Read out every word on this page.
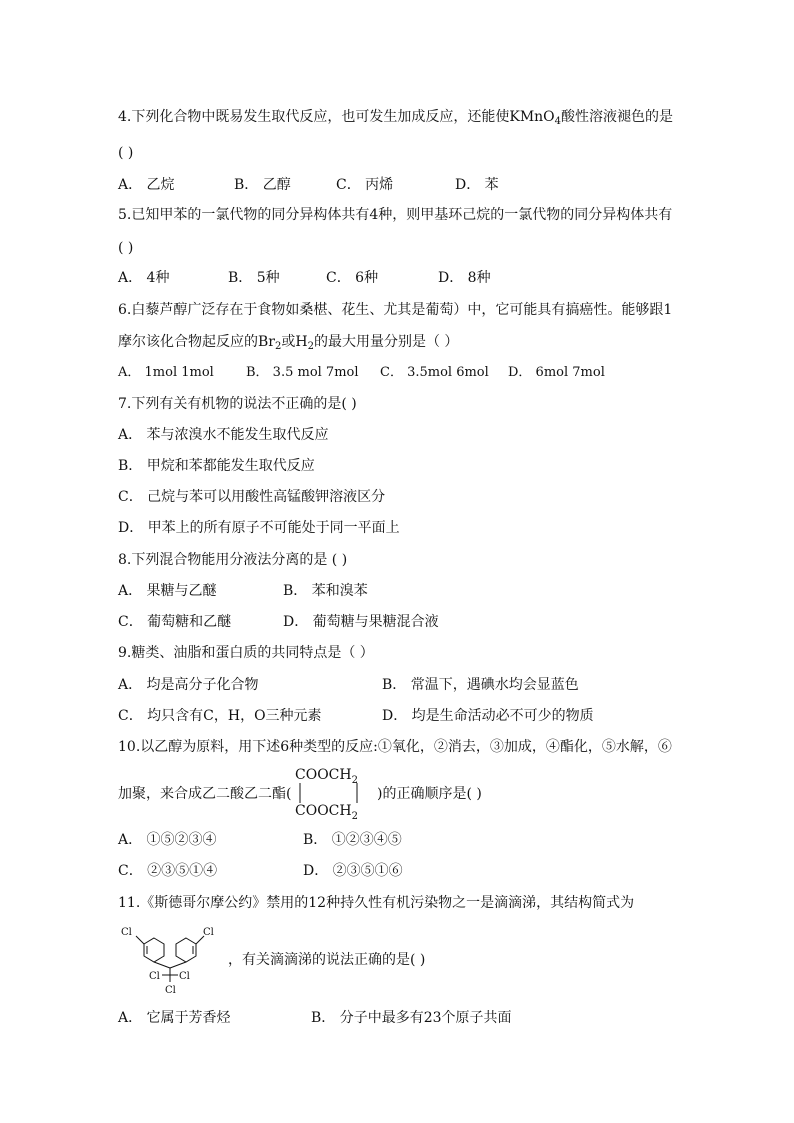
4.下列化合物中既易发生取代反应，也可发生加成反应，还能使KMnO$_4$酸性溶液褪色的是
( )
A． 乙烷	B． 乙醇	C． 丙烯	D． 苯
5.已知甲苯的一氯代物的同分异构体共有4种，则甲基环己烷的一氯代物的同分异构体共有
( )
A． 4种	B． 5种	C． 6种	D． 8种
6.白藜芦醇广泛存在于食物如桑椹、花生、尤其是葡萄）中，它可能具有搞癌性。能够跟1
摩尔该化合物起反应的$Br_2$或$H_2$的最大用量分别是（ ）
A． 1mol 1mol B． 3.5 mol 7mol C． 3.5mol 6mol D． 6mol 7mol
7.下列有关有机物的说法不正确的是( )
A． 苯与浓溴水不能发生取代反应
B． 甲烷和苯都能发生取代反应
C． 己烷与苯可以用酸性高锰酸钾溶液区分
D． 甲苯上的所有原子不可能处于同一平面上
8.下列混合物能用分液法分离的是 ( )
A． 果糖与乙醚	B． 苯和溴苯
C． 葡萄糖和乙醚	D． 葡萄糖与果糖混合液
9.糖类、油脂和蛋白质的共同特点是（ ）
A． 均是高分子化合物	B． 常温下，遇碘水均会显蓝色
C． 均只含有C，H，O三种元素	D． 均是生命活动必不可少的物质
10.以乙醇为原料，用下述6种类型的反应:①氧化，②消去，③加成，④酯化，⑤水解，⑥
加聚，来合成乙二酸乙二酯(
$COOCH_2$
$COOCH_2$
)的正确顺序是( )
A． ①⑤②③④	B． ①②③④⑤
C． ②③⑤①④	D． ②③⑤①⑥
11.《斯德哥尔摩公约》禁用的12种持久性有机污染物之一是滴滴涕，其结构简式为
Cl	Cl
Cl Cl
Cl
，有关滴滴涕的说法正确的是( )
A． 它属于芳香烃	B． 分子中最多有23个原子共面
